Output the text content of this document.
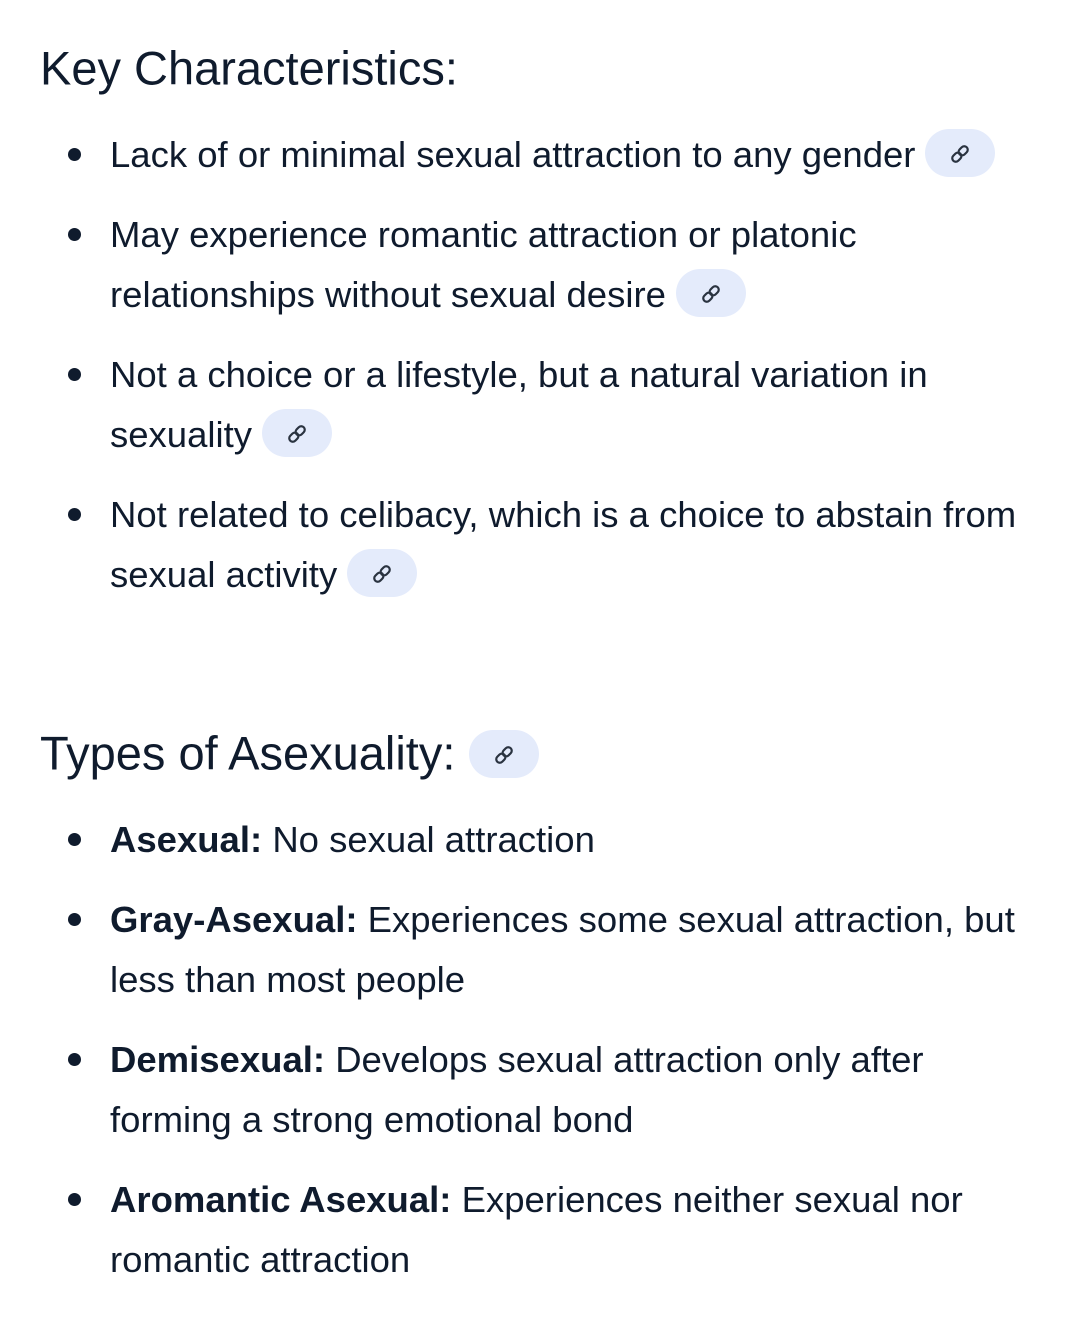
Key Characteristics:
Lack of or minimal sexual attraction to any gender
May experience romantic attraction or platonic relationships without sexual desire
Not a choice or a lifestyle, but a natural variation in sexuality
Not related to celibacy, which is a choice to abstain from sexual activity
Types of Asexuality:
Asexual: No sexual attraction
Gray-Asexual: Experiences some sexual attraction, but less than most people
Demisexual: Develops sexual attraction only after forming a strong emotional bond
Aromantic Asexual: Experiences neither sexual nor romantic attraction
